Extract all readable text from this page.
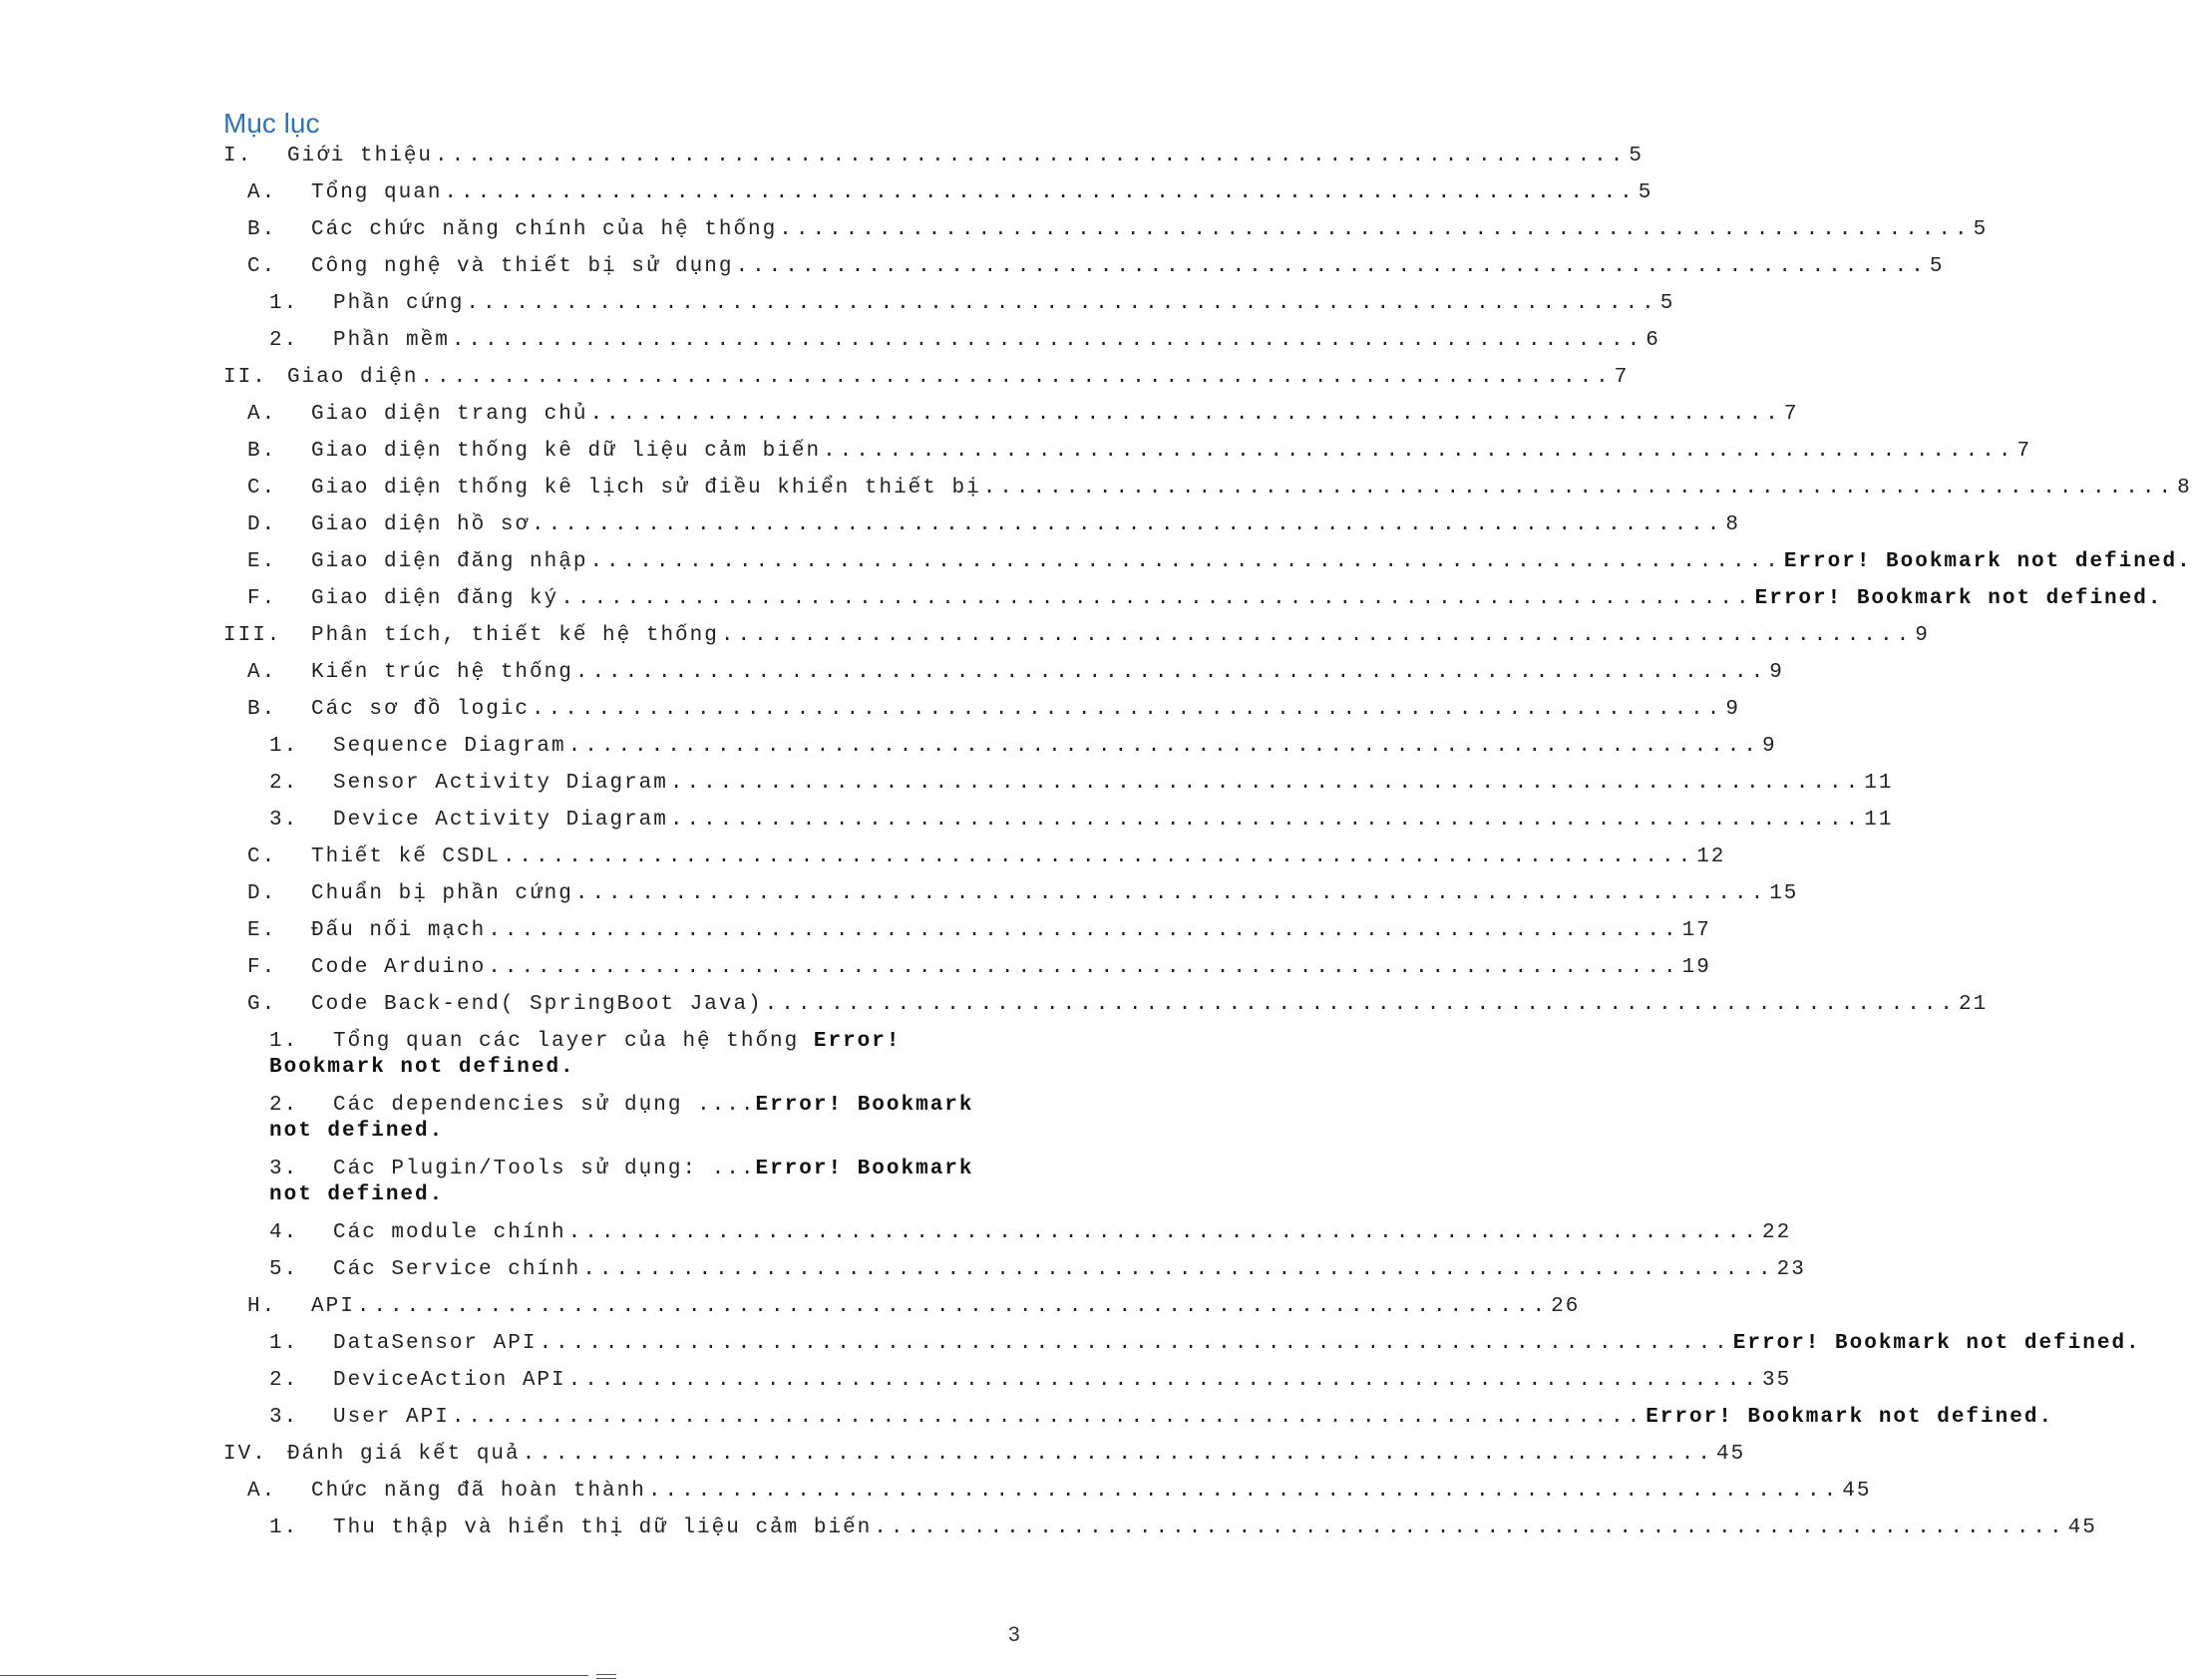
Mục lục
I.	Giới thiệu ........................................................................ 5
A.	Tổng quan ........................................................................ 5
B.	Các chức năng chính của hệ thống ........................................................................ 5
C.	Công nghệ và thiết bị sử dụng ........................................................................ 5
1.	Phần cứng ........................................................................ 5
2.	Phần mềm ........................................................................ 6
II. Giao diện ........................................................................ 7
A.	Giao diện trang chủ ........................................................................ 7
B.	Giao diện thống kê dữ liệu cảm biến ........................................................................ 7
C.	Giao diện thống kê lịch sử điều khiển thiết bị ........................................................................ 8
D.	Giao diện hồ sơ ........................................................................ 8
E.	Giao diện đăng nhập ........................................................................ Error! Bookmark not defined.
F.	Giao diện đăng ký ........................................................................ Error! Bookmark not defined.
III.	Phân tích, thiết kế hệ thống ........................................................................ 9
A.	Kiến trúc hệ thống ........................................................................ 9
B.	Các sơ đồ logic ........................................................................ 9
1.	Sequence Diagram ........................................................................ 9
2.	Sensor Activity Diagram ........................................................................ 11
3.	Device Activity Diagram ........................................................................ 11
C.	Thiết kế CSDL ........................................................................ 12
D.	Chuẩn bị phần cứng ........................................................................ 15
E.	Đấu nối mạch ........................................................................ 17
F.	Code Arduino ........................................................................ 19
G.	Code Back-end( SpringBoot Java) ........................................................................ 21
1. Tổng quan các layer của hệ thống Error! Bookmark not defined.
2. Các dependencies sử dụng ....Error! Bookmark not defined.
3. Các Plugin/Tools sử dụng: ...Error! Bookmark not defined.
4.	Các module chính ........................................................................ 22
5.	Các Service chính ........................................................................ 23
H.	API ........................................................................ 26
1.	DataSensor API ........................................................................ Error! Bookmark not defined.
2.	DeviceAction API ........................................................................ 35
3.	User API ........................................................................ Error! Bookmark not defined.
IV. Đánh giá kết quả ........................................................................ 45
A.	Chức năng đã hoàn thành ........................................................................ 45
1.	Thu thập và hiển thị dữ liệu cảm biến ........................................................................ 45
3
